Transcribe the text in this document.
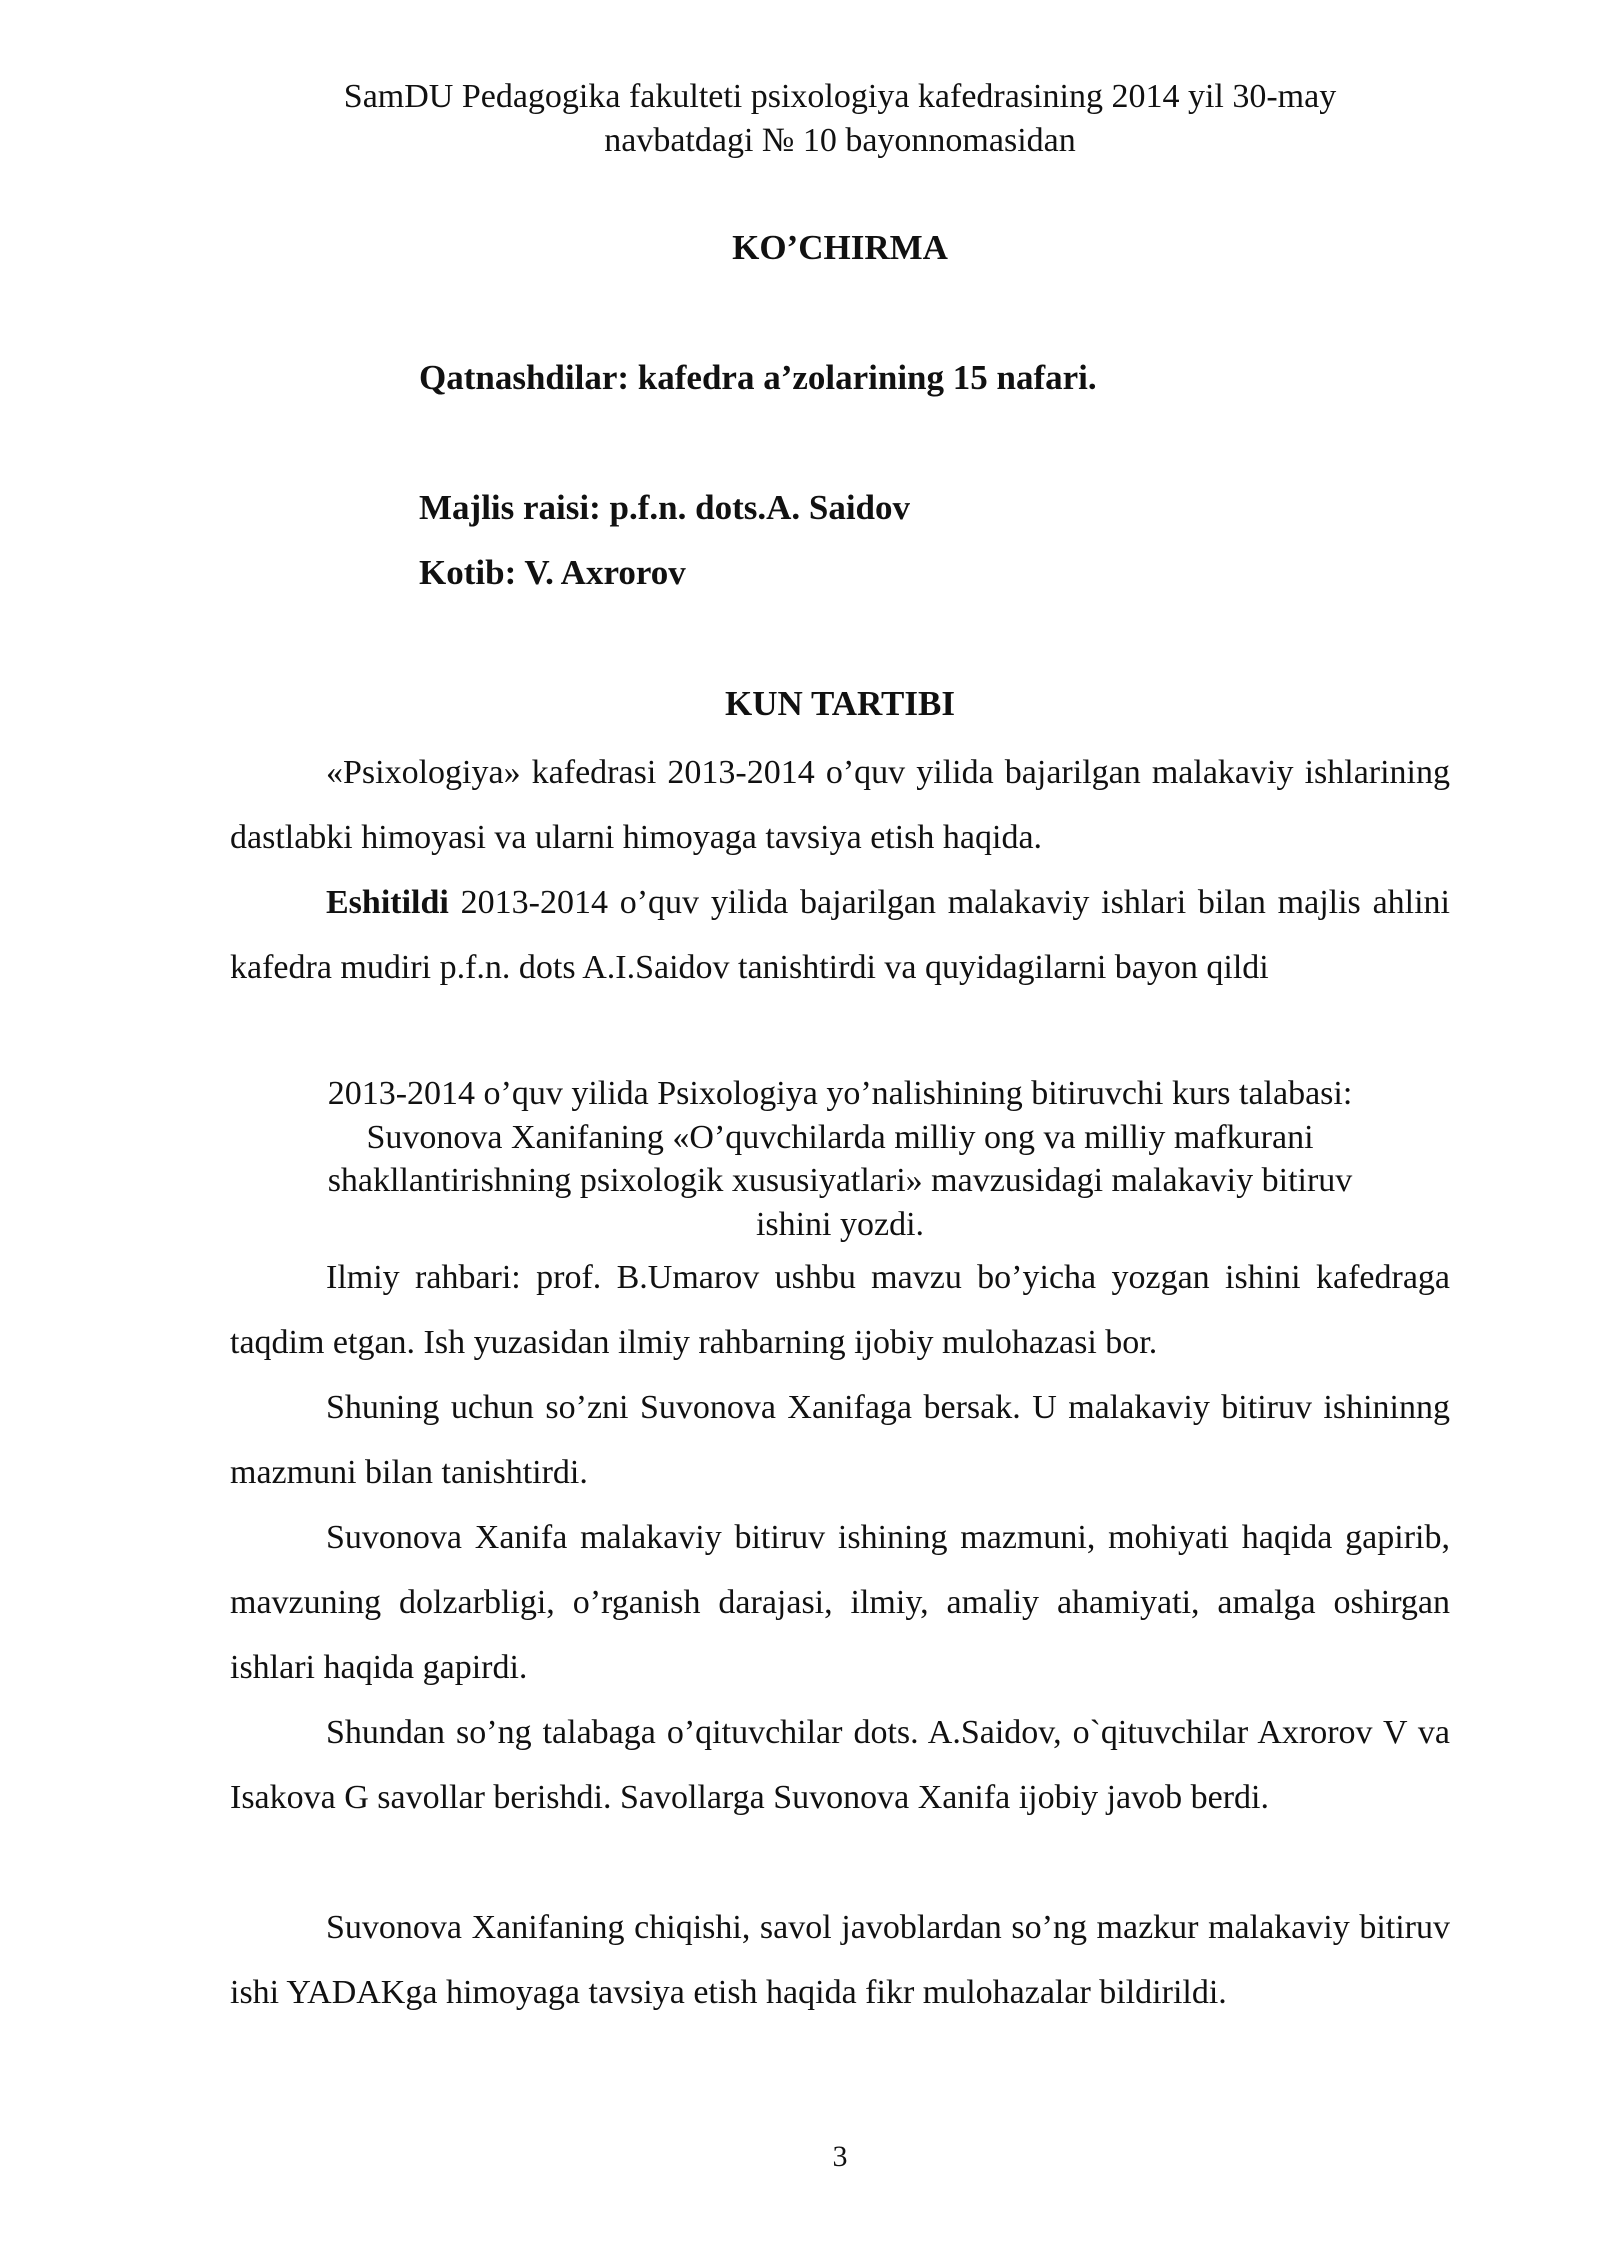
SamDU Pedagogika fakulteti psixologiya kafedrasining 2014 yil 30-may
navbatdagi № 10 bayonnomasidan
KO’CHIRMA
Qatnashdilar: kafedra a’zolarining 15 nafari.
Majlis raisi: p.f.n. dots.A. Saidov
Kotib: V. Axrorov
KUN TARTIBI

«Psixologiya» kafedrasi 2013-2014 o’quv yilida bajarilgan malakaviy ishlarining dastlabki himoyasi va ularni himoyaga tavsiya etish haqida.

Eshitildi 2013-2014 o’quv yilida bajarilgan malakaviy ishlari bilan majlis ahlini kafedra mudiri p.f.n. dots A.I.Saidov tanishtirdi va quyidagilarni bayon qildi

2013-2014 o’quv yilida Psixologiya yo’nalishining bitiruvchi kurs talabasi:
Suvonova Xanifaning «O’quvchilarda milliy ong va milliy mafkurani
shakllantirishning psixologik xususiyatlari» mavzusidagi malakaviy bitiruv
ishini yozdi.

Ilmiy rahbari: prof. B.Umarov ushbu mavzu bo’yicha yozgan ishini kafedraga taqdim etgan. Ish yuzasidan ilmiy rahbarning ijobiy mulohazasi bor.

Shuning uchun so’zni Suvonova Xanifaga bersak. U malakaviy bitiruv ishininng mazmuni bilan tanishtirdi.

Suvonova Xanifa malakaviy bitiruv ishining mazmuni, mohiyati haqida gapirib, mavzuning dolzarbligi, o’rganish darajasi, ilmiy, amaliy ahamiyati, amalga oshirgan ishlari haqida gapirdi.

Shundan so’ng talabaga o’qituvchilar dots. A.Saidov, o`qituvchilar Axrorov V va Isakova G savollar berishdi. Savollarga Suvonova Xanifa ijobiy javob berdi.

Suvonova Xanifaning chiqishi, savol javoblardan so’ng mazkur malakaviy bitiruv ishi YADAKga himoyaga tavsiya etish haqida fikr mulohazalar bildirildi.

3
